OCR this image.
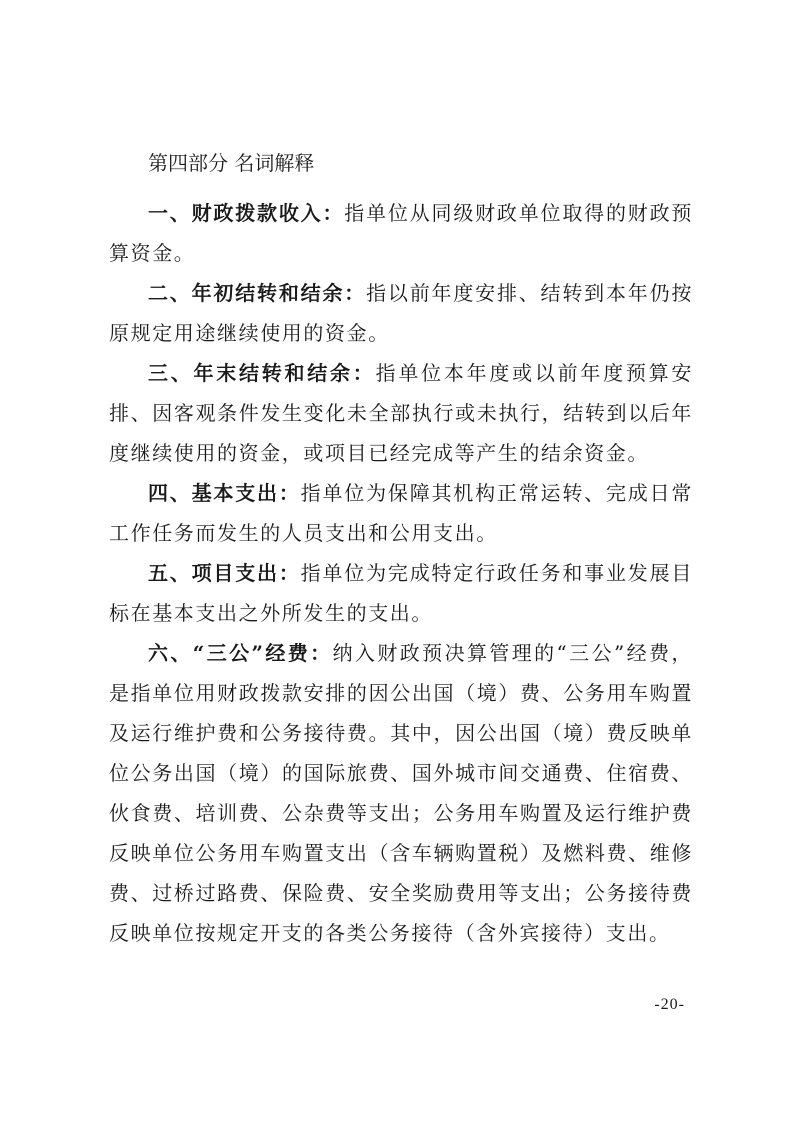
第四部分 名词解释

一、财政拨款收入：指单位从同级财政单位取得的财政预算资金。

二、年初结转和结余：指以前年度安排、结转到本年仍按原规定用途继续使用的资金。

三、年末结转和结余：指单位本年度或以前年度预算安排、因客观条件发生变化未全部执行或未执行，结转到以后年度继续使用的资金，或项目已经完成等产生的结余资金。

四、基本支出：指单位为保障其机构正常运转、完成日常工作任务而发生的人员支出和公用支出。

五、项目支出：指单位为完成特定行政任务和事业发展目标在基本支出之外所发生的支出。

六、“三公”经费：纳入财政预决算管理的“三公”经费，是指单位用财政拨款安排的因公出国（境）费、公务用车购置及运行维护费和公务接待费。其中，因公出国（境）费反映单位公务出国（境）的国际旅费、国外城市间交通费、住宿费、伙食费、培训费、公杂费等支出；公务用车购置及运行维护费反映单位公务用车购置支出（含车辆购置税）及燃料费、维修费、过桥过路费、保险费、安全奖励费用等支出；公务接待费反映单位按规定开支的各类公务接待（含外宾接待）支出。

-20-
